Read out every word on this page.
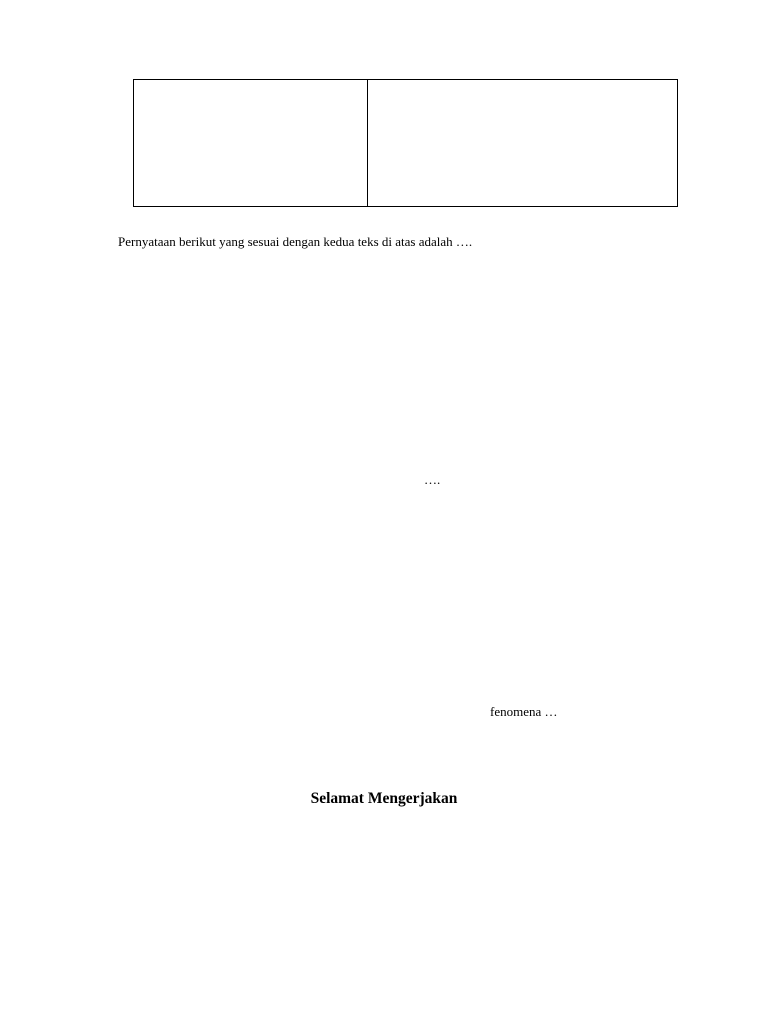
Pernyataan berikut yang sesuai dengan kedua teks di atas adalah ….
….
fenomena …
Selamat Mengerjakan
